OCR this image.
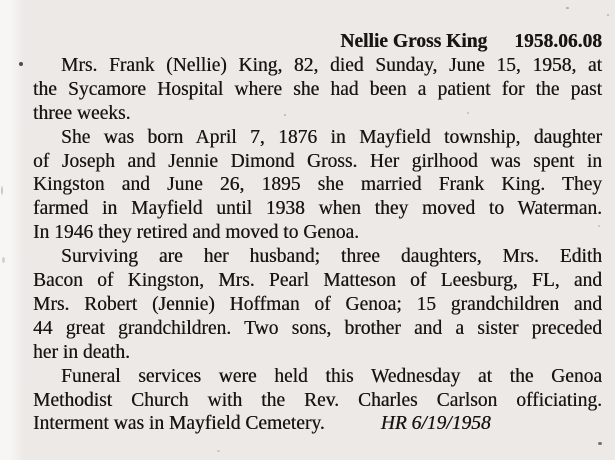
Nellie Gross King 1958.06.08
Mrs. Frank (Nellie) King, 82, died Sunday, June 15, 1958, at
the Sycamore Hospital where she had been a patient for the past
three weeks.
She was born April 7, 1876 in Mayfield township, daughter
of Joseph and Jennie Dimond Gross. Her girlhood was spent in
Kingston and June 26, 1895 she married Frank King. They
farmed in Mayfield until 1938 when they moved to Waterman.
In 1946 they retired and moved to Genoa.
Surviving are her husband; three daughters, Mrs. Edith
Bacon of Kingston, Mrs. Pearl Matteson of Leesburg, FL, and
Mrs. Robert (Jennie) Hoffman of Genoa; 15 grandchildren and
44 great grandchildren. Two sons, brother and a sister preceded
her in death.
Funeral services were held this Wednesday at the Genoa
Methodist Church with the Rev. Charles Carlson officiating.
Interment was in Mayfield Cemetery.	HR 6/19/1958
